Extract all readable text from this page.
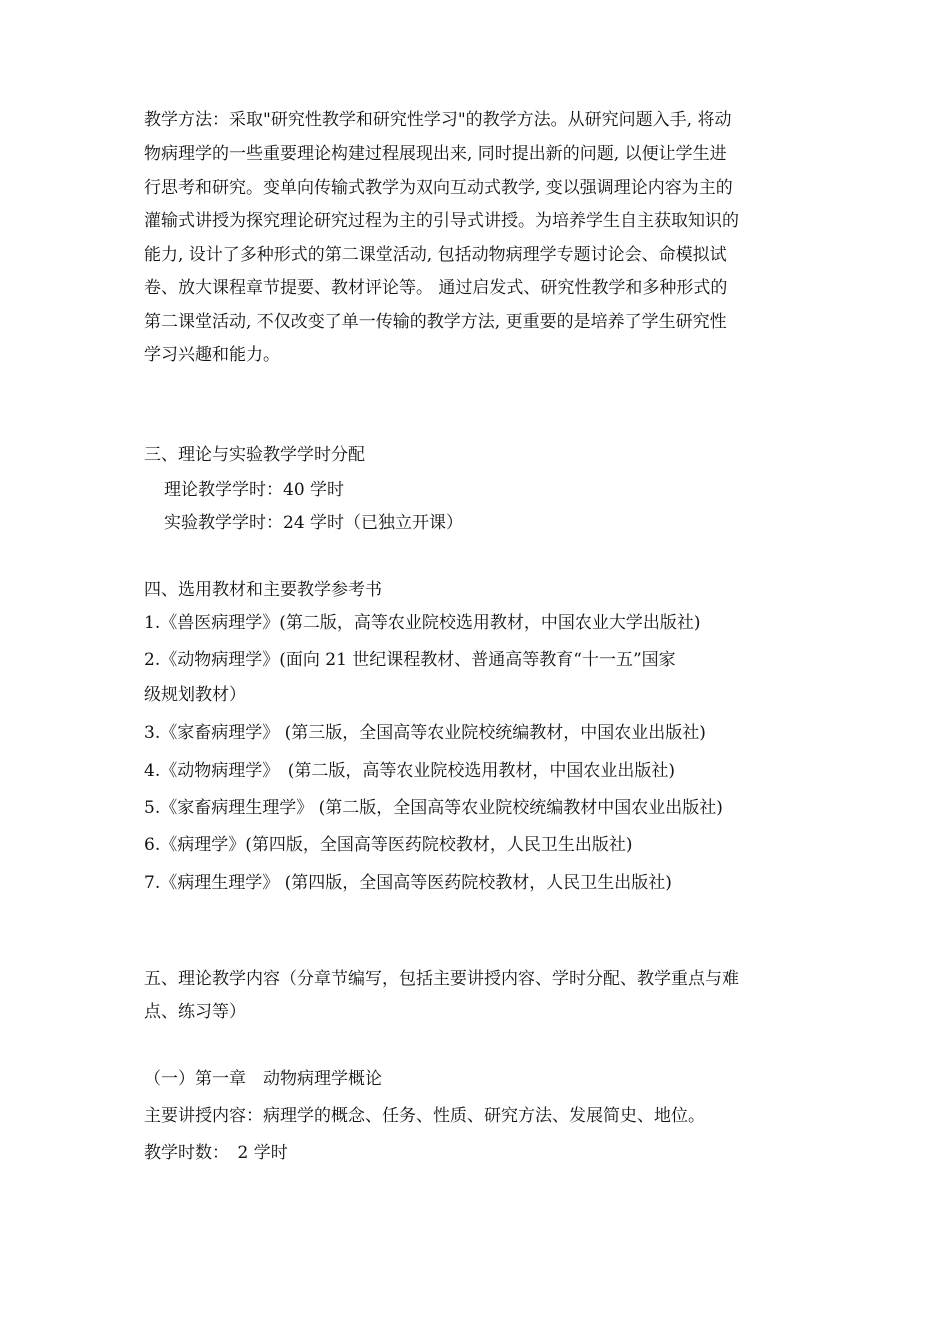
教学方法：采取"研究性教学和研究性学习"的教学方法。从研究问题入手, 将动
物病理学的一些重要理论构建过程展现出来, 同时提出新的问题, 以便让学生进
行思考和研究。变单向传输式教学为双向互动式教学, 变以强调理论内容为主的
灌输式讲授为探究理论研究过程为主的引导式讲授。为培养学生自主获取知识的
能力, 设计了多种形式的第二课堂活动, 包括动物病理学专题讨论会、命模拟试
卷、放大课程章节提要、教材评论等。 通过启发式、研究性教学和多种形式的
第二课堂活动, 不仅改变了单一传输的教学方法, 更重要的是培养了学生研究性
学习兴趣和能力。
三、理论与实验教学学时分配
理论教学学时：40 学时
实验教学学时：24 学时（已独立开课）
四、选用教材和主要教学参考书
1.《兽医病理学》(第二版，高等农业院校选用教材，中国农业大学出版社)
2.《动物病理学》(面向 21 世纪课程教材、普通高等教育“十一五”国家
级规划教材）
3.《家畜病理学》 (第三版，全国高等农业院校统编教材，中国农业出版社)
4.《动物病理学》　(第二版，高等农业院校选用教材，中国农业出版社)
5.《家畜病理生理学》 (第二版，全国高等农业院校统编教材中国农业出版社)
6.《病理学》(第四版，全国高等医药院校教材，人民卫生出版社)
7.《病理生理学》 (第四版，全国高等医药院校教材，人民卫生出版社)
五、理论教学内容（分章节编写，包括主要讲授内容、学时分配、教学重点与难
点、练习等）
（一）第一章　动物病理学概论
主要讲授内容：病理学的概念、任务、性质、研究方法、发展简史、地位。
教学时数：　2 学时
